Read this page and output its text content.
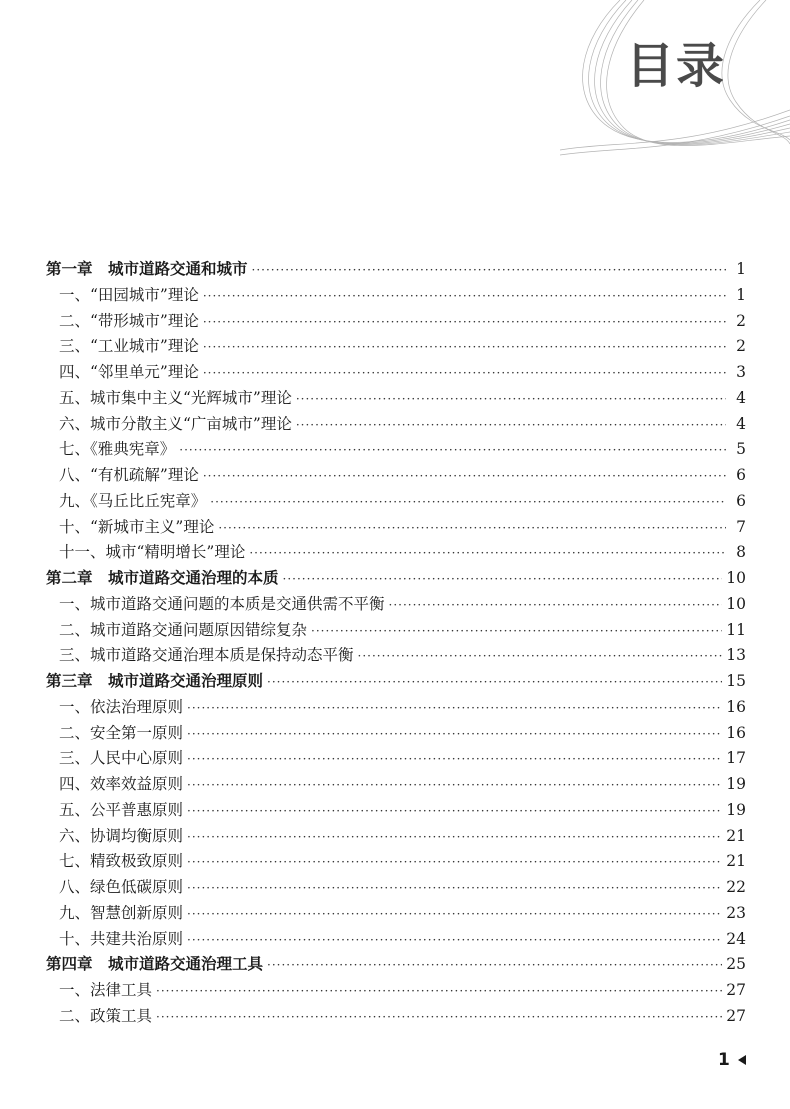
目录
第一章　城市道路交通和城市 ·····	1
一、“田园城市”理论 ·····	1
二、“带形城市”理论 ·····	2
三、“工业城市”理论 ·····	2
四、“邻里单元”理论 ·····	3
五、城市集中主义“光辉城市”理论 ·····	4
六、城市分散主义“广亩城市”理论 ·····	4
七、《雅典宪章》 ·····	5
八、“有机疏解”理论 ·····	6
九、《马丘比丘宪章》 ·····	6
十、“新城市主义”理论 ·····	7
十一、城市“精明增长”理论 ·····	8
第二章　城市道路交通治理的本质 ·····	10
一、城市道路交通问题的本质是交通供需不平衡 ·····	10
二、城市道路交通问题原因错综复杂 ·····	11
三、城市道路交通治理本质是保持动态平衡 ·····	13
第三章　城市道路交通治理原则 ·····	15
一、依法治理原则 ·····	16
二、安全第一原则 ·····	16
三、人民中心原则 ·····	17
四、效率效益原则 ·····	19
五、公平普惠原则 ·····	19
六、协调均衡原则 ·····	21
七、精致极致原则 ·····	21
八、绿色低碳原则 ·····	22
九、智慧创新原则 ·····	23
十、共建共治原则 ·····	24
第四章　城市道路交通治理工具 ·····	25
一、法律工具 ·····	27
二、政策工具 ·····	27
1
